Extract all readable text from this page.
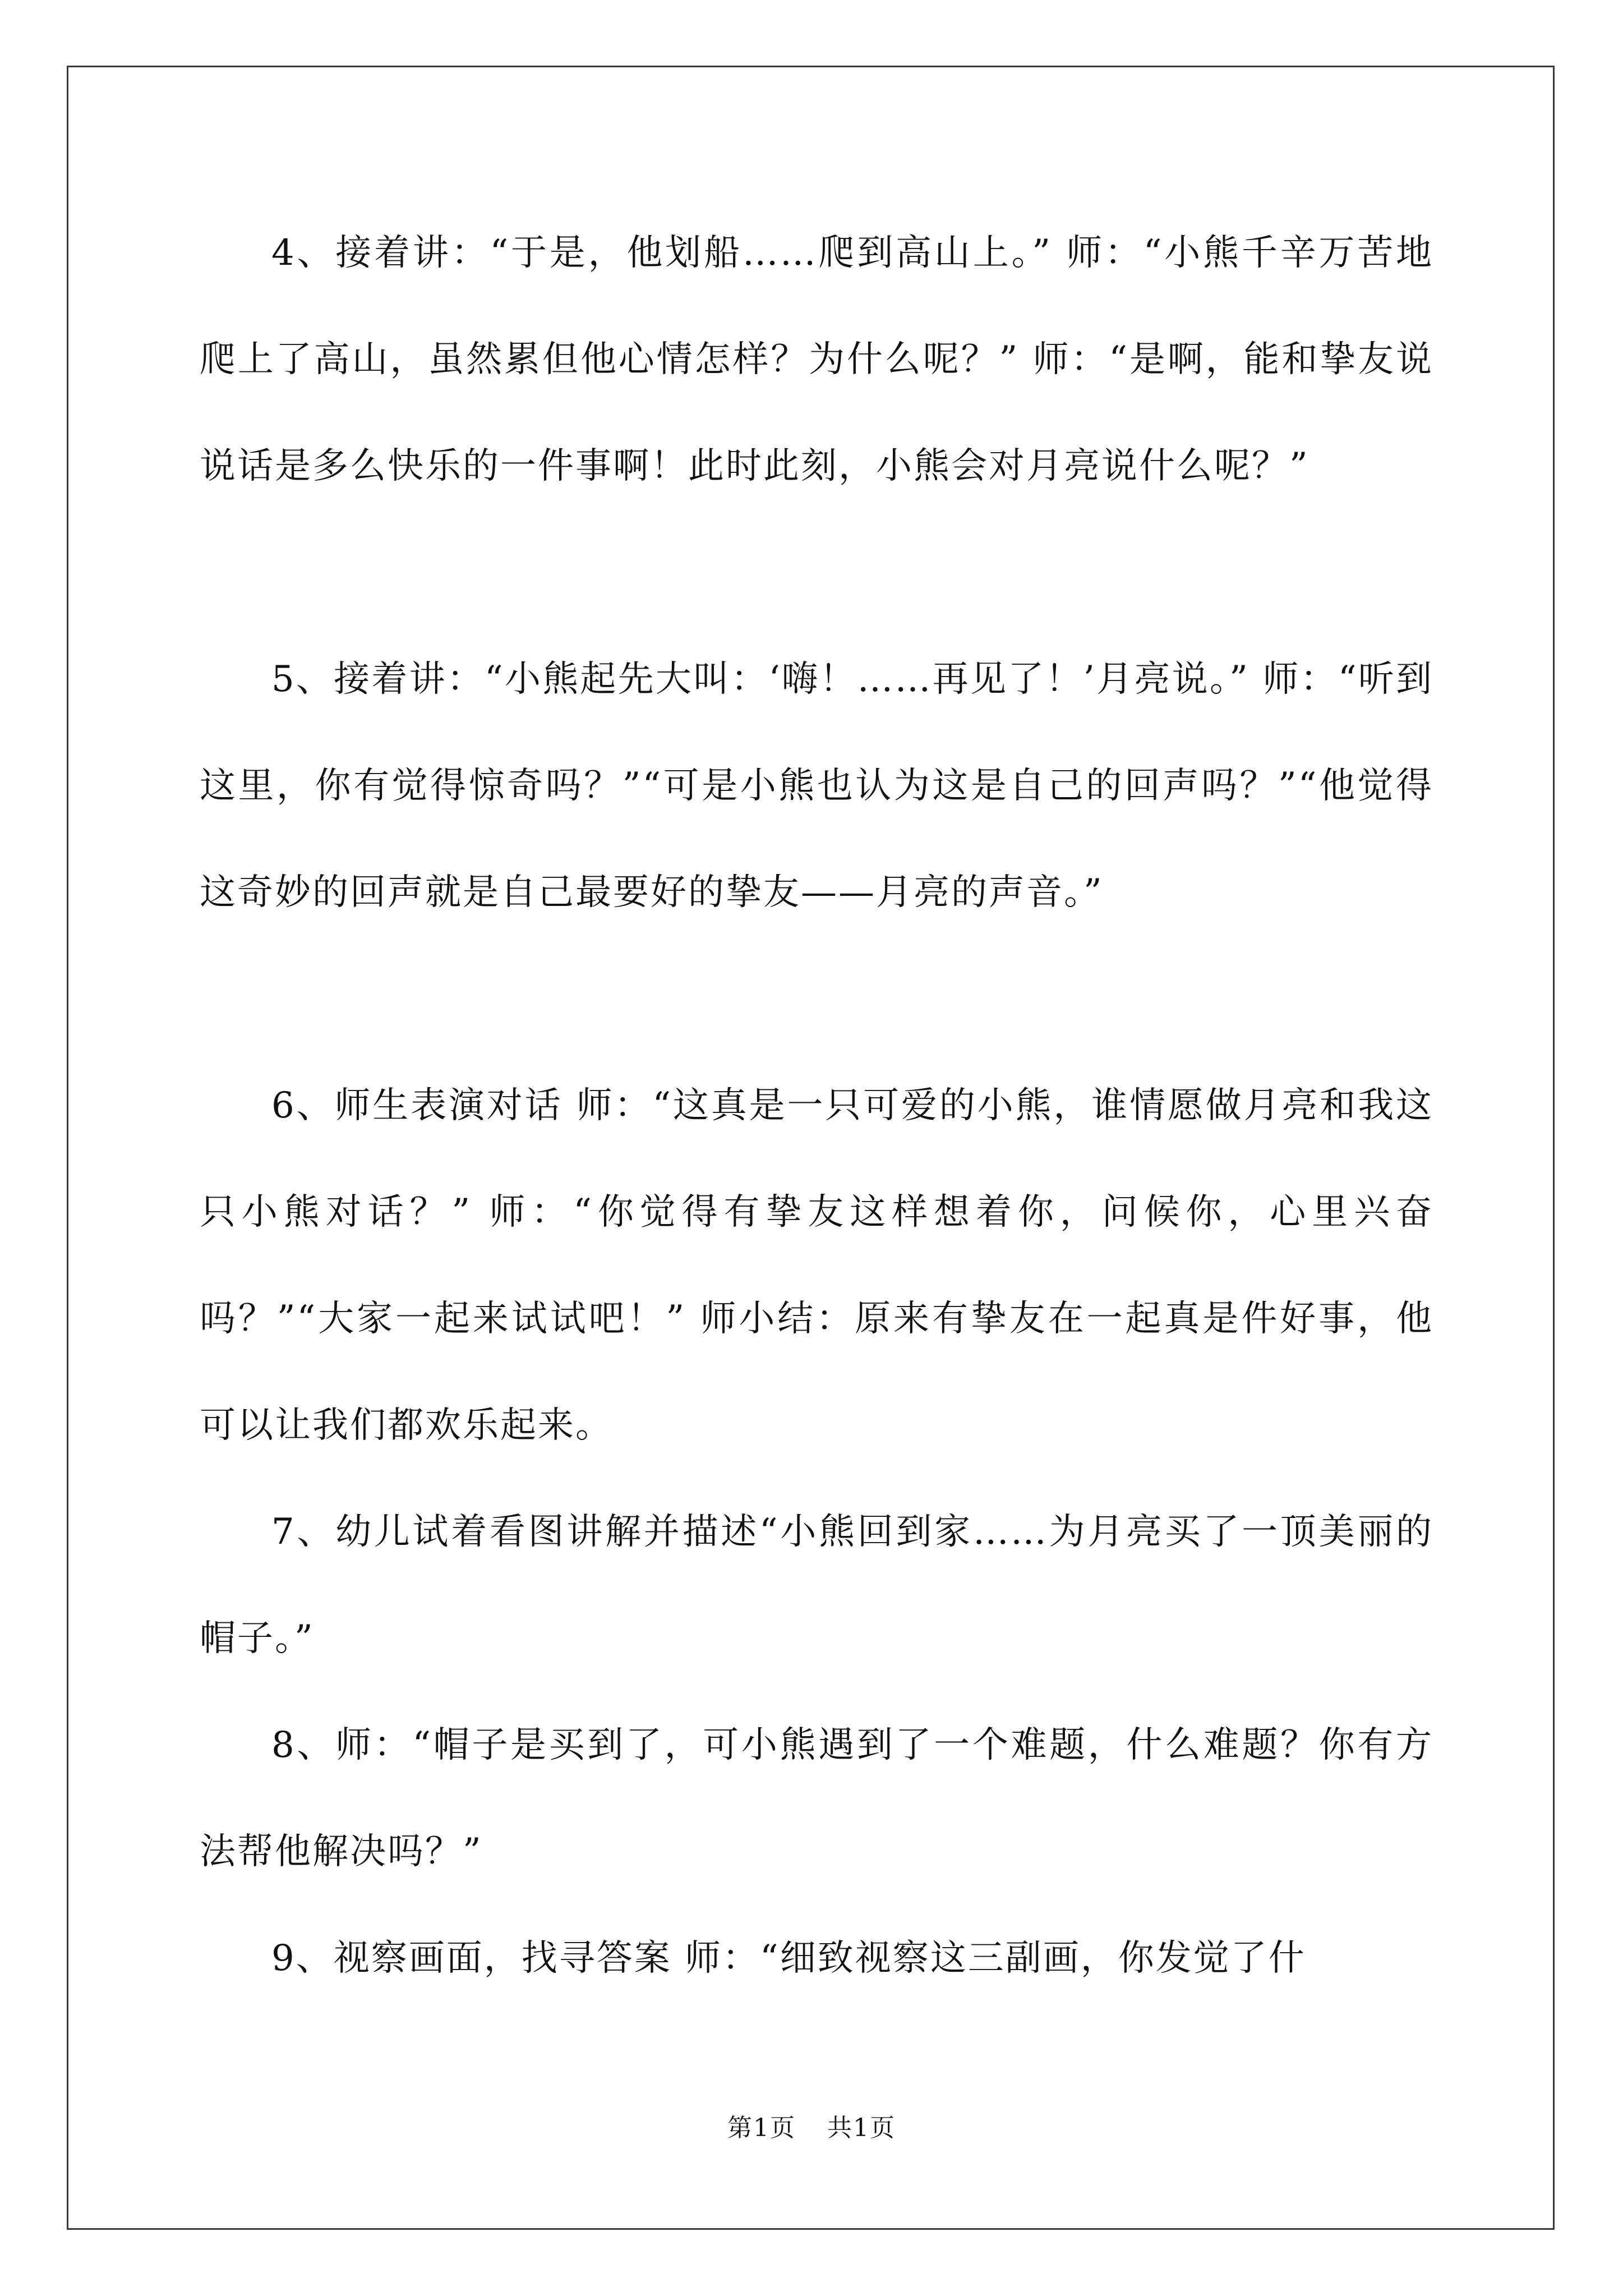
4、接着讲：“于是，他划船……爬到高山上。” 师：“小熊千辛万苦地爬上了高山，虽然累但他心情怎样？为什么呢？” 师：“是啊，能和挚友说说话是多么快乐的一件事啊！此时此刻，小熊会对月亮说什么呢？”

5、接着讲：“小熊起先大叫：‘嗨！……再见了！’月亮说。” 师：“听到这里，你有觉得惊奇吗？”“可是小熊也认为这是自己的回声吗？”“他觉得这奇妙的回声就是自己最要好的挚友——月亮的声音。”

6、师生表演对话 师：“这真是一只可爱的小熊，谁情愿做月亮和我这只小熊对话？” 师：“你觉得有挚友这样想着你，问候你，心里兴奋吗？”“大家一起来试试吧！” 师小结：原来有挚友在一起真是件好事，他可以让我们都欢乐起来。

7、幼儿试着看图讲解并描述“小熊回到家……为月亮买了一顶美丽的帽子。”

8、师：“帽子是买到了，可小熊遇到了一个难题，什么难题？你有方法帮他解决吗？”

9、视察画面，找寻答案 师：“细致视察这三副画，你发觉了什

第1页 共1页
